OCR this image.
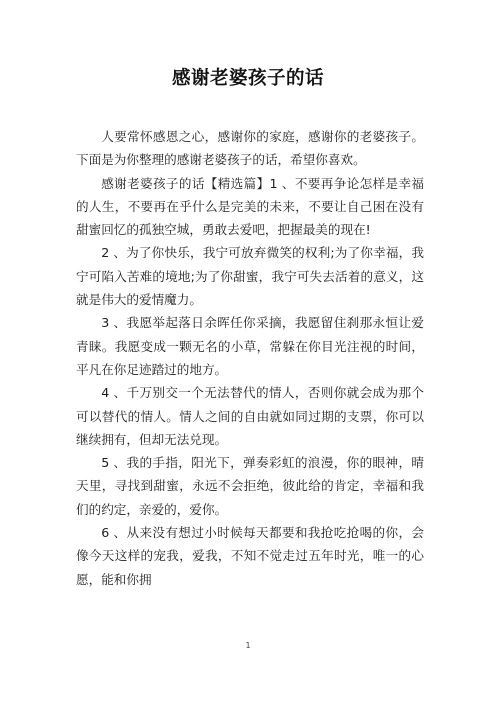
感谢老婆孩子的话

人要常怀感恩之心，感谢你的家庭，感谢你的老婆孩子。下面是为你整理的感谢老婆孩子的话，希望你喜欢。

感谢老婆孩子的话【精选篇】1 、不要再争论怎样是幸福的人生，不要再在乎什么是完美的未来，不要让自己困在没有甜蜜回忆的孤独空城，勇敢去爱吧，把握最美的现在!

2 、为了你快乐，我宁可放弃微笑的权利;为了你幸福，我宁可陷入苦难的境地;为了你甜蜜，我宁可失去活着的意义，这就是伟大的爱情魔力。

3 、我愿举起落日余晖任你采摘，我愿留住刹那永恒让爱青睐。我愿变成一颗无名的小草，常躲在你目光注视的时间，平凡在你足迹踏过的地方。

4 、千万别交一个无法替代的情人，否则你就会成为那个可以替代的情人。情人之间的自由就如同过期的支票，你可以继续拥有，但却无法兑现。

5 、我的手指，阳光下，弹奏彩虹的浪漫，你的眼神，晴天里，寻找到甜蜜，永远不会拒绝，彼此给的肯定，幸福和我们的约定，亲爱的，爱你。

6 、从来没有想过小时候每天都要和我抢吃抢喝的你，会像今天这样的宠我，爱我，不知不觉走过五年时光，唯一的心愿，能和你拥

1
